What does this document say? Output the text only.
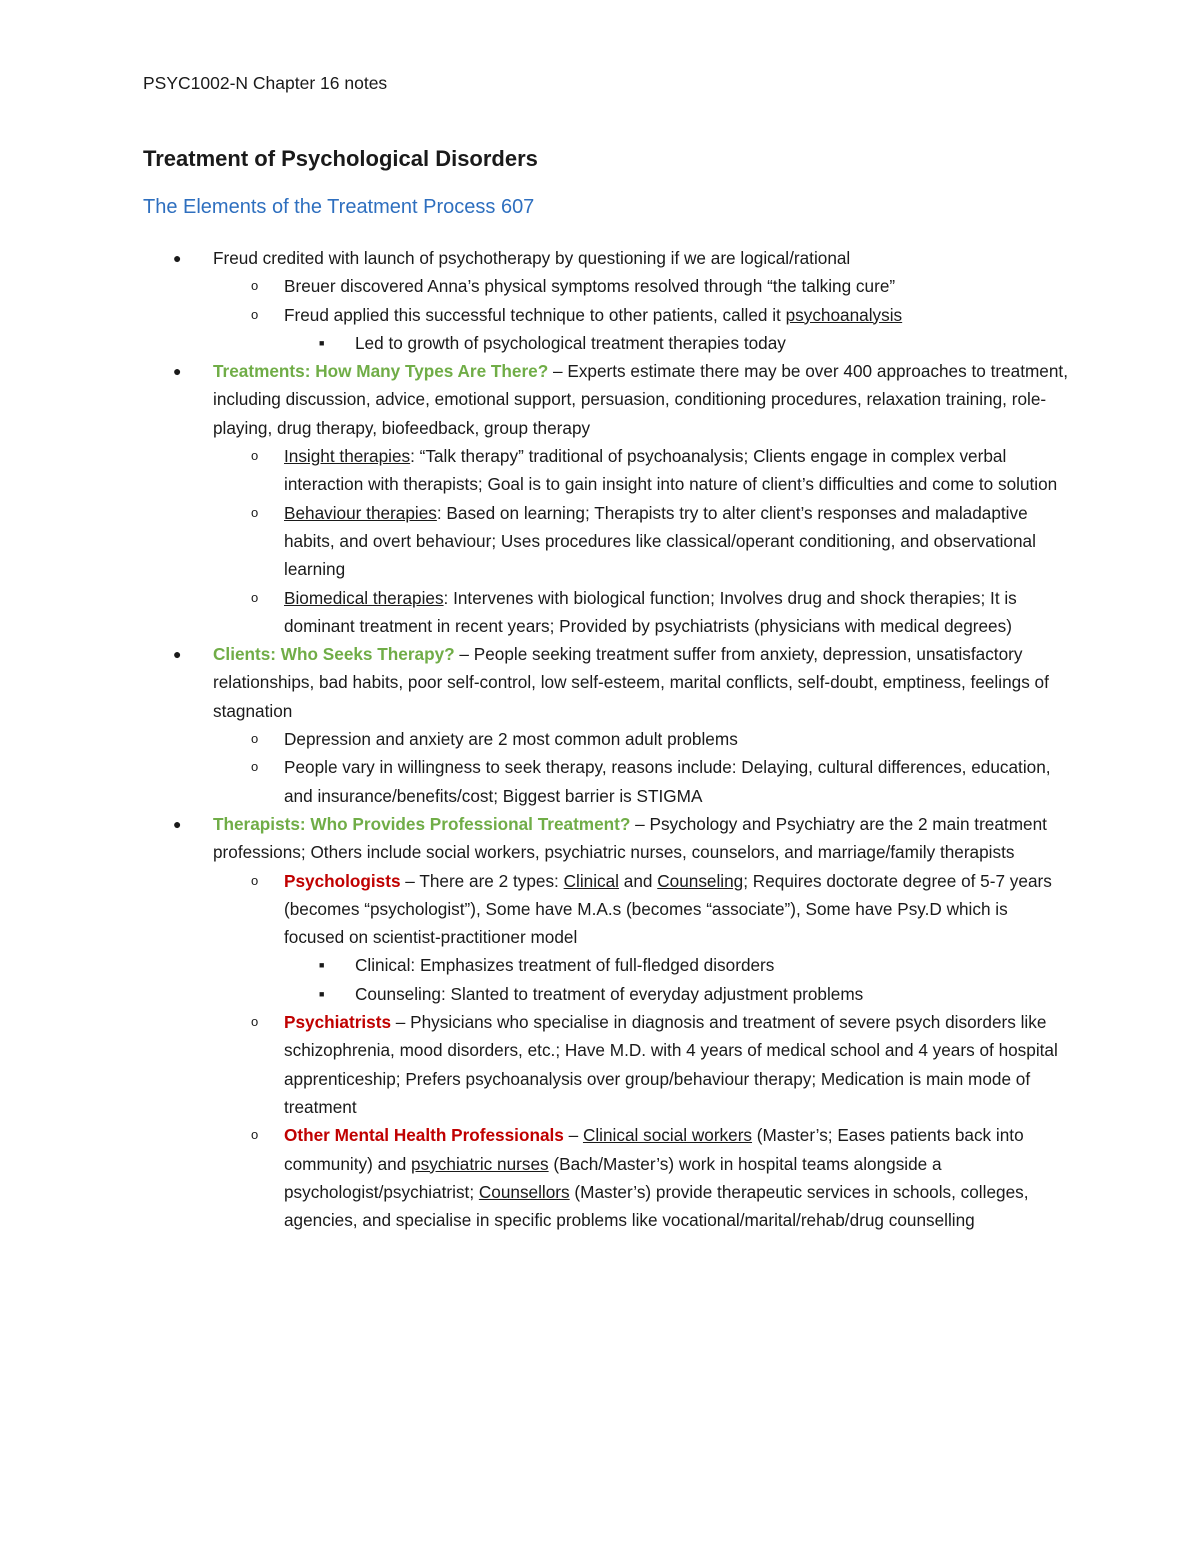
PSYC1002-N Chapter 16 notes
Treatment of Psychological Disorders
The Elements of the Treatment Process 607
● Freud credited with launch of psychotherapy by questioning if we are logical/rational
o Breuer discovered Anna’s physical symptoms resolved through “the talking cure”
o Freud applied this successful technique to other patients, called it psychoanalysis
■ Led to growth of psychological treatment therapies today
● Treatments: How Many Types Are There? – Experts estimate there may be over 400 approaches to treatment, including discussion, advice, emotional support, persuasion, conditioning procedures, relaxation training, role-playing, drug therapy, biofeedback, group therapy
o Insight therapies: “Talk therapy” traditional of psychoanalysis; Clients engage in complex verbal interaction with therapists; Goal is to gain insight into nature of client’s difficulties and come to solution
o Behaviour therapies: Based on learning; Therapists try to alter client’s responses and maladaptive habits, and overt behaviour; Uses procedures like classical/operant conditioning, and observational learning
o Biomedical therapies: Intervenes with biological function; Involves drug and shock therapies; It is dominant treatment in recent years; Provided by psychiatrists (physicians with medical degrees)
● Clients: Who Seeks Therapy? – People seeking treatment suffer from anxiety, depression, unsatisfactory relationships, bad habits, poor self-control, low self-esteem, marital conflicts, self-doubt, emptiness, feelings of stagnation
o Depression and anxiety are 2 most common adult problems
o People vary in willingness to seek therapy, reasons include: Delaying, cultural differences, education, and insurance/benefits/cost; Biggest barrier is STIGMA
● Therapists: Who Provides Professional Treatment? – Psychology and Psychiatry are the 2 main treatment professions; Others include social workers, psychiatric nurses, counselors, and marriage/family therapists
o Psychologists – There are 2 types: Clinical and Counseling; Requires doctorate degree of 5-7 years (becomes “psychologist”), Some have M.A.s (becomes “associate”), Some have Psy.D which is focused on scientist-practitioner model
■ Clinical: Emphasizes treatment of full-fledged disorders
■ Counseling: Slanted to treatment of everyday adjustment problems
o Psychiatrists – Physicians who specialise in diagnosis and treatment of severe psych disorders like schizophrenia, mood disorders, etc.; Have M.D. with 4 years of medical school and 4 years of hospital apprenticeship; Prefers psychoanalysis over group/behaviour therapy; Medication is main mode of treatment
o Other Mental Health Professionals – Clinical social workers (Master’s; Eases patients back into community) and psychiatric nurses (Bach/Master’s) work in hospital teams alongside a psychologist/psychiatrist; Counsellors (Master’s) provide therapeutic services in schools, colleges, agencies, and specialise in specific problems like vocational/marital/rehab/drug counselling
